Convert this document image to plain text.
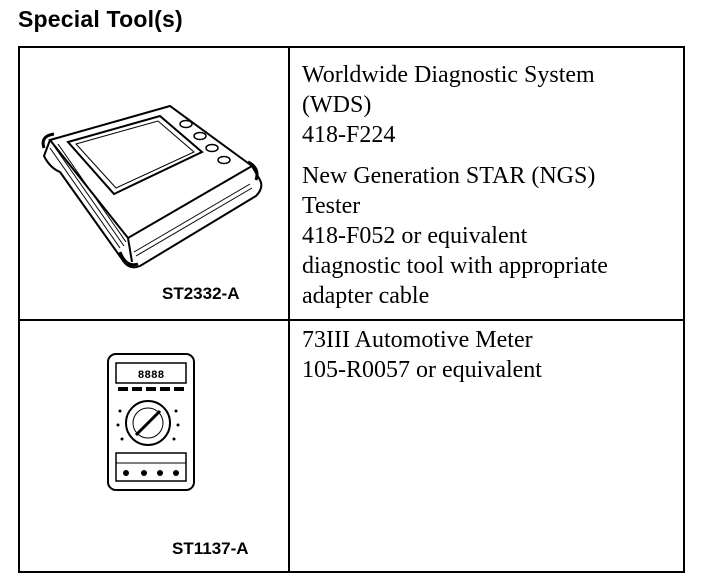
Special Tool(s)
ST2332-A
Worldwide Diagnostic System
(WDS)
418-F224
New Generation STAR (NGS)
Tester
418-F052 or equivalent
diagnostic tool with appropriate
adapter cable
8888
ST1137-A
73III Automotive Meter
105-R0057 or equivalent
